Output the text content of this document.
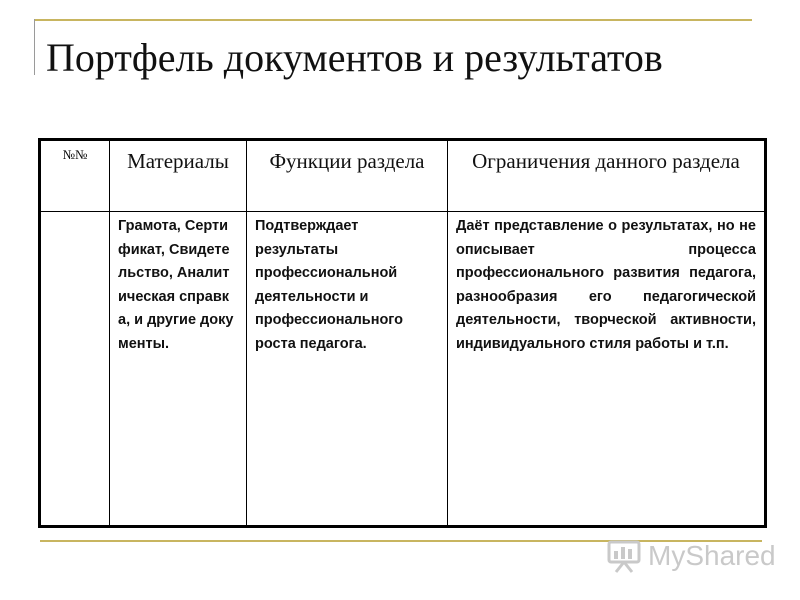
Портфель документов и результатов
№№	Материалы	Функции раздела	Ограничения данного раздела
	Грамота, Сертификат, Свидетельство, Аналитическая справка, и другие документы.	Подтверждает результаты профессиональной деятельности и профессионального роста педагога.	Даёт представление о результатах, но не описывает процесса профессионального развития педагога, разнообразия его педагогической деятельности, творческой активности, индивидуального стиля работы и т.п.
MyShared
